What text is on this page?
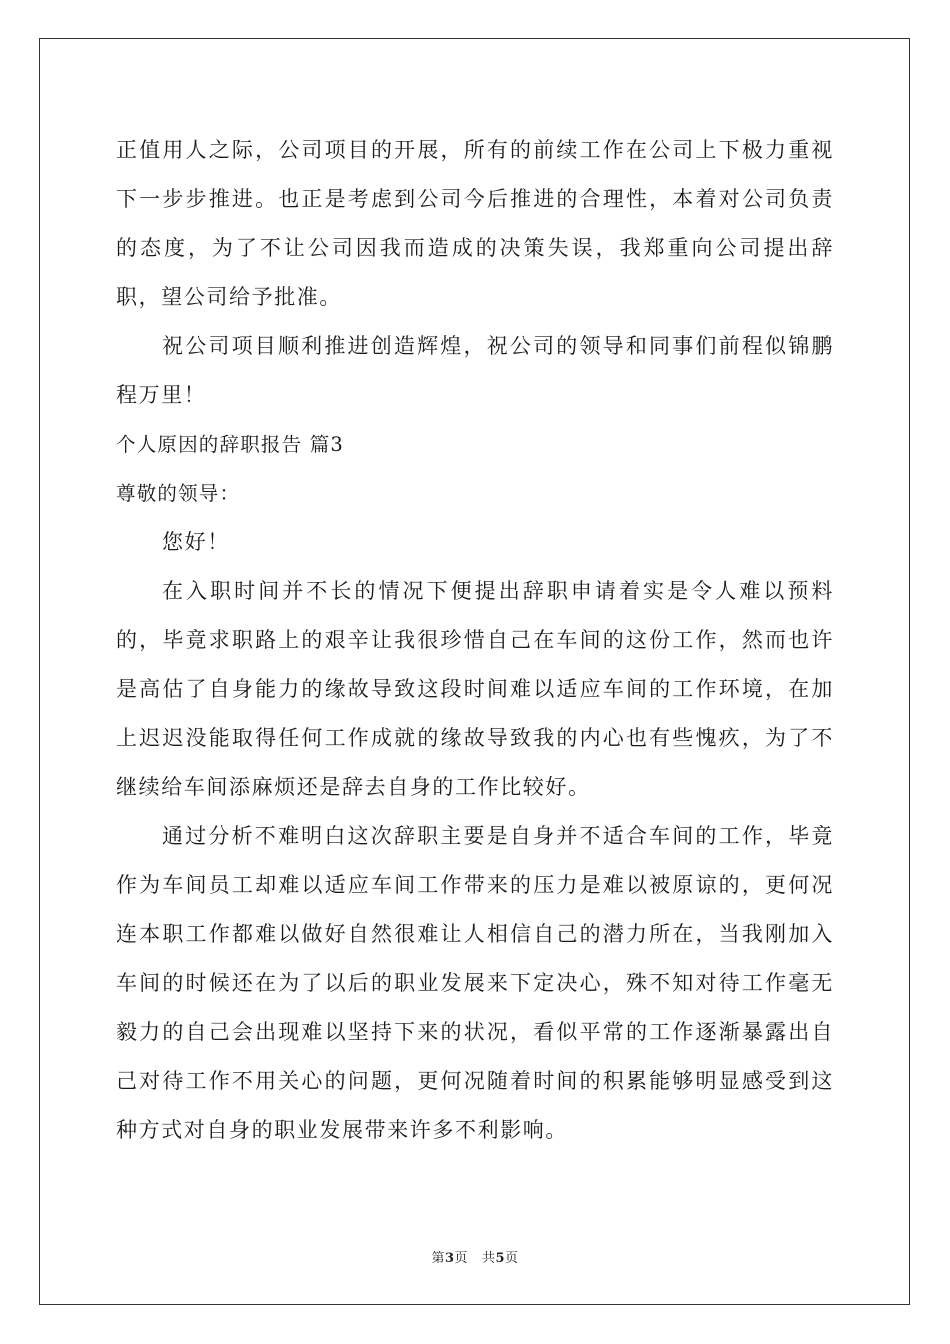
正值用人之际，公司项目的开展，所有的前续工作在公司上下极力重视下一步步推进。也正是考虑到公司今后推进的合理性，本着对公司负责的态度，为了不让公司因我而造成的决策失误，我郑重向公司提出辞职，望公司给予批准。

祝公司项目顺利推进创造辉煌，祝公司的领导和同事们前程似锦鹏程万里！

个人原因的辞职报告 篇3

尊敬的领导：

您好！

在入职时间并不长的情况下便提出辞职申请着实是令人难以预料的，毕竟求职路上的艰辛让我很珍惜自己在车间的这份工作，然而也许是高估了自身能力的缘故导致这段时间难以适应车间的工作环境，在加上迟迟没能取得任何工作成就的缘故导致我的内心也有些愧疚，为了不继续给车间添麻烦还是辞去自身的工作比较好。

通过分析不难明白这次辞职主要是自身并不适合车间的工作，毕竟作为车间员工却难以适应车间工作带来的压力是难以被原谅的，更何况连本职工作都难以做好自然很难让人相信自己的潜力所在，当我刚加入车间的时候还在为了以后的职业发展来下定决心，殊不知对待工作毫无毅力的自己会出现难以坚持下来的状况，看似平常的工作逐渐暴露出自己对待工作不用关心的问题，更何况随着时间的积累能够明显感受到这种方式对自身的职业发展带来许多不利影响。

第3页 共5页
